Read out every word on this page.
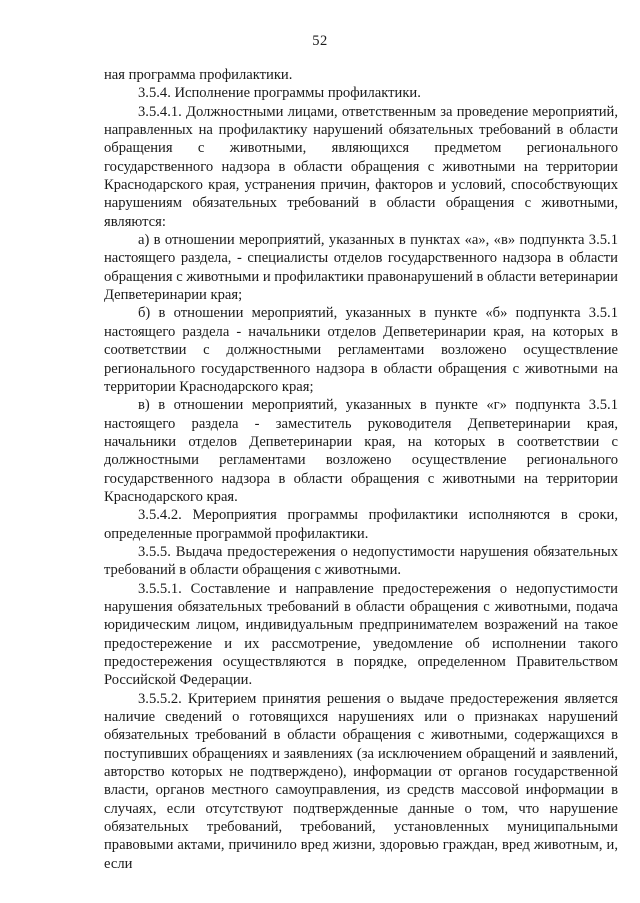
52

ная программа профилактики.

3.5.4. Исполнение программы профилактики.

3.5.4.1. Должностными лицами, ответственным за проведение мероприятий, направленных на профилактику нарушений обязательных требований в области обращения с животными, являющихся предметом регионального государственного надзора в области обращения с животными на территории Краснодарского края, устранения причин, факторов и условий, способствующих нарушениям обязательных требований в области обращения с животными, являются:

а) в отношении мероприятий, указанных в пунктах «а», «в» подпункта 3.5.1 настоящего раздела, - специалисты отделов государственного надзора в области обращения с животными и профилактики правонарушений в области ветеринарии Депветеринарии края;

б) в отношении мероприятий, указанных в пункте «б» подпункта 3.5.1 настоящего раздела - начальники отделов Депветеринарии края, на которых в соответствии с должностными регламентами возложено осуществление регионального государственного надзора в области обращения с животными на территории Краснодарского края;

в) в отношении мероприятий, указанных в пункте «г» подпункта 3.5.1 настоящего раздела - заместитель руководителя Депветеринарии края, начальники отделов Депветеринарии края, на которых в соответствии с должностными регламентами возложено осуществление регионального государственного надзора в области обращения с животными на территории Краснодарского края.

3.5.4.2. Мероприятия программы профилактики исполняются в сроки, определенные программой профилактики.

3.5.5. Выдача предостережения о недопустимости нарушения обязательных требований в области обращения с животными.

3.5.5.1. Составление и направление предостережения о недопустимости нарушения обязательных требований в области обращения с животными, подача юридическим лицом, индивидуальным предпринимателем возражений на такое предостережение и их рассмотрение, уведомление об исполнении такого предостережения осуществляются в порядке, определенном Правительством Российской Федерации.

3.5.5.2. Критерием принятия решения о выдаче предостережения является наличие сведений о готовящихся нарушениях или о признаках нарушений обязательных требований в области обращения с животными, содержащихся в поступивших обращениях и заявлениях (за исключением обращений и заявлений, авторство которых не подтверждено), информации от органов государственной власти, органов местного самоуправления, из средств массовой информации в случаях, если отсутствуют подтвержденные данные о том, что нарушение обязательных требований, требований, установленных муниципальными правовыми актами, причинило вред жизни, здоровью граждан, вред животным, и, если
